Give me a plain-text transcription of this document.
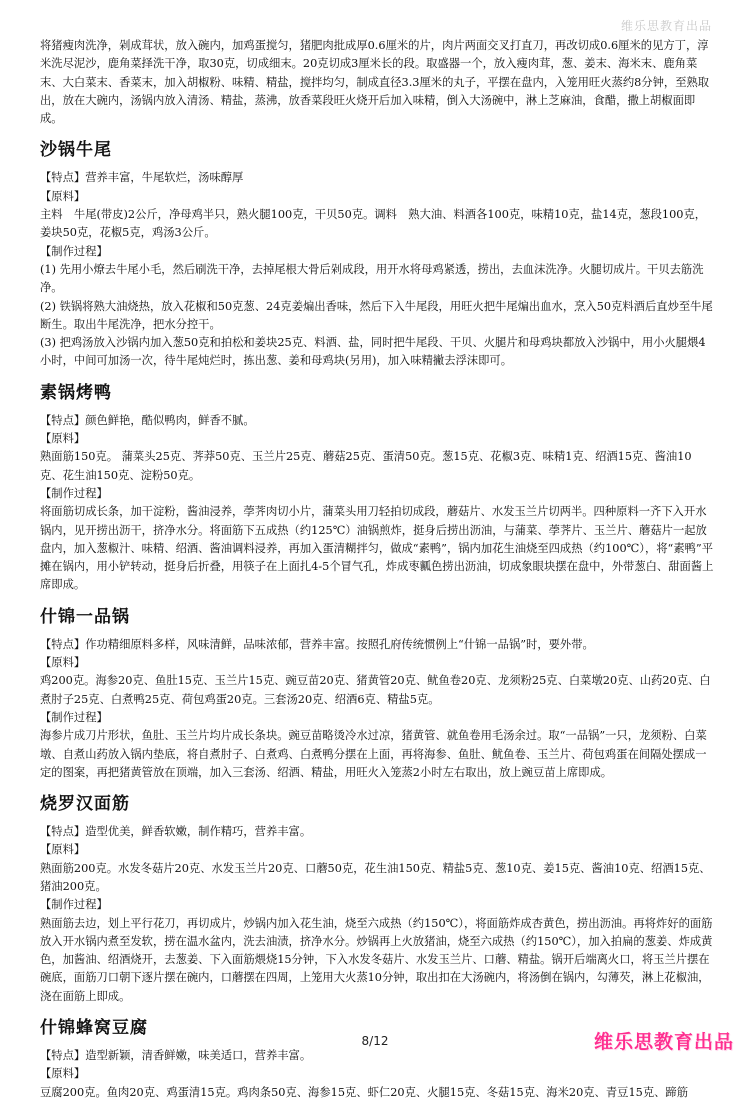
维乐思教育出品

将猪瘦肉洗净，剁成茸状，放入碗内，加鸡蛋搅匀，猪肥肉批成厚0.6厘米的片，肉片两面交叉打直刀，再改切成0.6厘米的见方丁，淳米洗尽泥沙，鹿角菜择洗干净，取30克，切成细末。20克切成3厘米长的段。取盛器一个，放入瘦肉茸，葱、姜末、海米末、鹿角菜末、大白菜末、香菜末，加入胡椒粉、味精、精盐，搅拌均匀，制成直径3.3厘米的丸子，平摆在盘内，入笼用旺火蒸约8分钟，至熟取出，放在大碗内，汤锅内放入清汤、精盐，蒸沸，放香菜段旺火烧开后加入味精，倒入大汤碗中，淋上芝麻油，食醋，撒上胡椒面即成。

沙锅牛尾

【特点】营养丰富，牛尾软烂，汤味醇厚

【原料】

主料　牛尾(带皮)2公斤，净母鸡半只，熟火腿100克，干贝50克。调料　熟大油、料酒各100克，味精10克，盐14克，葱段100克，姜块50克，花椒5克，鸡汤3公斤。

【制作过程】

(1) 先用小燎去牛尾小毛，然后刷洗干净，去掉尾根大骨后剁成段，用开水将母鸡紧透，捞出，去血沫洗净。火腿切成片。干贝去筋洗净。

(2) 铁锅将熟大油烧热，放入花椒和50克葱、24克姜煸出香味，然后下入牛尾段，用旺火把牛尾煸出血水，烹入50克料酒后直炒至牛尾断生。取出牛尾洗净，把水分控干。

(3) 把鸡汤放入沙锅内加入葱50克和拍松和姜块25克、料酒、盐，同时把牛尾段、干贝、火腿片和母鸡块都放入沙锅中，用小火腿煨4小时，中间可加汤一次，待牛尾炖烂时，拣出葱、姜和母鸡块(另用)，加入味精撇去浮沫即可。

素锅烤鸭

【特点】颜色鲜艳，酷似鸭肉，鲜香不腻。

【原料】

熟面筋150克。 蒲菜头25克、荠莽50克、玉兰片25克、蘑菇25克、蛋清50克。葱15克、花椒3克、味精1克、绍酒15克、酱油10克、花生油150克、淀粉50克。

【制作过程】

将面筋切成长条，加干淀粉，酱油浸养，荸荠肉切小片，蒲菜头用刀轻拍切成段，蘑菇片、水发玉兰片切两半。四种原料一齐下入开水锅内，见开捞出沥干，挤净水分。将面筋下五成热（约125℃）油锅煎炸，挺身后捞出沥油，与蒲菜、荸荠片、玉兰片、蘑菇片一起放盘内，加入葱椒汁、味精、绍酒、酱油调料浸养，再加入蛋清糊拌匀，做成“素鸭”，锅内加花生油烧至四成热（约100℃），将“素鸭”平摊在锅内，用小铲转动，挺身后折叠，用筷子在上面扎4-5个冒气孔，炸成枣瓤色捞出沥油，切成象眼块摆在盘中，外带葱白、甜面酱上席即成。

什锦一品锅

【特点】作功精细原料多样，风味清鲜，品味浓郁，营养丰富。按照孔府传统惯例上“什锦一品锅”时，要外带。

【原料】

鸡200克。海参20克、鱼肚15克、玉兰片15克、豌豆苗20克、猪黄管20克、鱿鱼卷20克、龙须粉25克、白菜墩20克、山药20克、白煮肘子25克、白煮鸭25克、荷包鸡蛋20克。三套汤20克、绍酒6克、精盐5克。

【制作过程】

海参片成刀片形状，鱼肚、玉兰片均片成长条块。豌豆苗略烫冷水过凉，猪黄管、就鱼卷用毛汤余过。取“一品锅”一只，龙须粉、白菜墩、自煮山药放入锅内垫底，将自煮肘子、白煮鸡、白煮鸭分摆在上面，再将海参、鱼肚、鱿鱼卷、玉兰片、荷包鸡蛋在间隔处摆成一定的图案，再把猪黄管放在顶端，加入三套汤、绍酒、精盐，用旺火入笼蒸2小时左右取出，放上豌豆苗上席即成。

烧罗汉面筋

【特点】造型优美，鲜香软嫩，制作精巧，营养丰富。

【原料】

熟面筋200克。水发冬菇片20克、水发玉兰片20克、口蘑50克，花生油150克、精盐5克、葱10克、姜15克、酱油10克、绍酒15克、猪油200克。

【制作过程】

熟面筋去边，划上平行花刀，再切成片，炒锅内加入花生油，烧至六成热（约150℃），将面筋炸成杏黄色，捞出沥油。再将炸好的面筋放入开水锅内煮至发软，捞在温水盆内，洗去油渍，挤净水分。炒锅再上火放猪油，烧至六成热（约150℃），加入拍扁的葱姜、炸成黄色，加酱油、绍酒烧开，去葱姜、下入面筋煨烧15分钟，下入水发冬菇片、水发玉兰片、口蘑、精盐。锅开后端离火口，将玉兰片摆在碗底，面筋刀口朝下逐片摆在碗内，口蘑摆在四周，上笼用大火蒸10分钟，取出扣在大汤碗内，将汤倒在锅内，勾薄芡，淋上花椒油，浇在面筋上即成。

什锦蜂窝豆腐

【特点】造型新颖，清香鲜嫩，味美适口，营养丰富。

【原料】

豆腐200克。鱼肉20克、鸡蛋清15克。鸡肉条50克、海参15克、虾仁20克、火腿15克、冬菇15克、海米20克、青豆15克、蹄筋

8/12	维乐思教育出品
